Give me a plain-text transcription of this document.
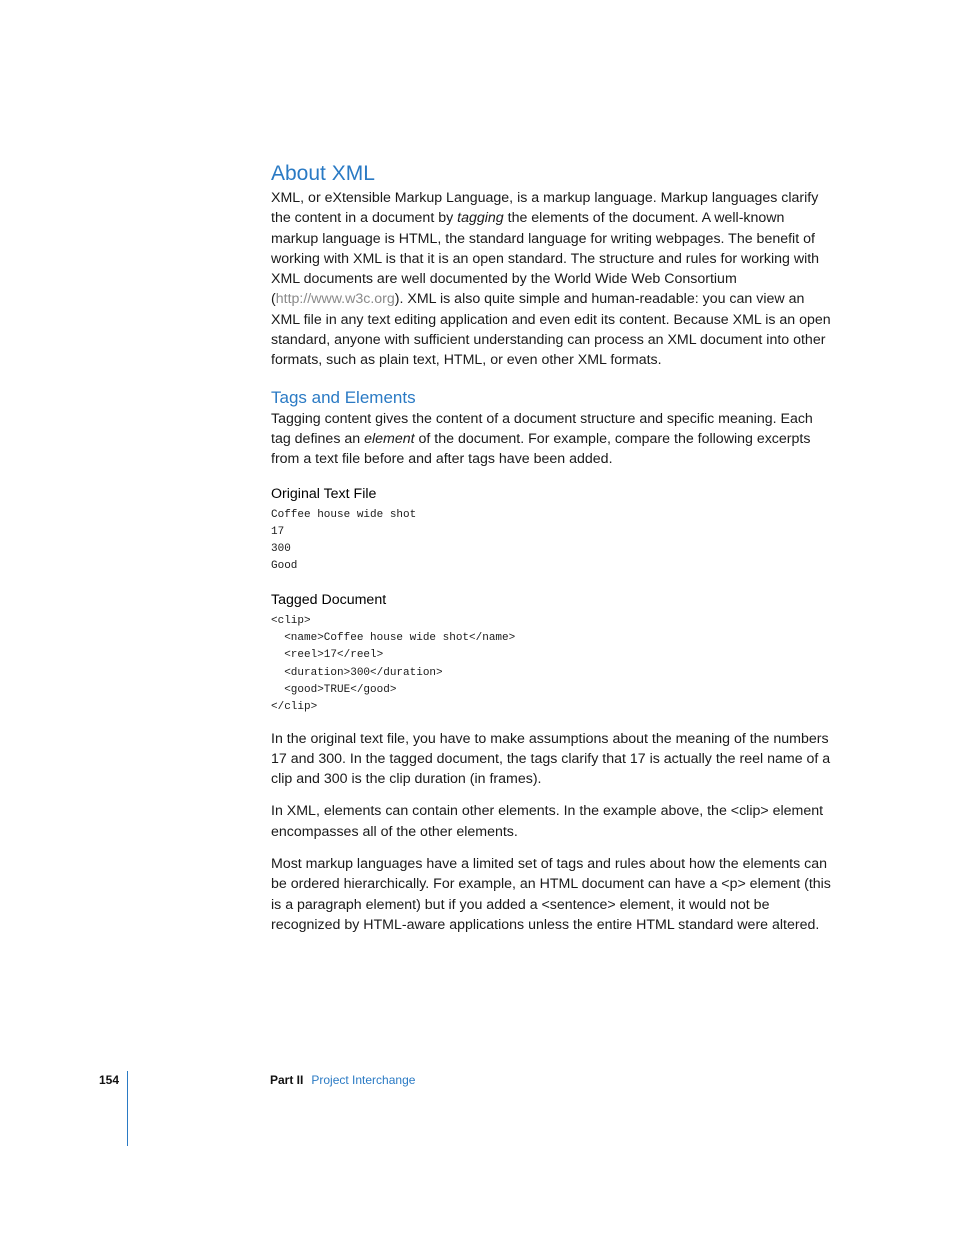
About XML

XML, or eXtensible Markup Language, is a markup language. Markup languages clarify the content in a document by tagging the elements of the document. A well-known markup language is HTML, the standard language for writing webpages. The benefit of working with XML is that it is an open standard. The structure and rules for working with XML documents are well documented by the World Wide Web Consortium (http://www.w3c.org). XML is also quite simple and human-readable: you can view an XML file in any text editing application and even edit its content. Because XML is an open standard, anyone with sufficient understanding can process an XML document into other formats, such as plain text, HTML, or even other XML formats.

Tags and Elements

Tagging content gives the content of a document structure and specific meaning. Each tag defines an element of the document. For example, compare the following excerpts from a text file before and after tags have been added.

Original Text File
Coffee house wide shot
17
300
Good
Tagged Document
<clip>
<name>Coffee house wide shot</name>
<reel>17</reel>
<duration>300</duration>
<good>TRUE</good>
</clip>

In the original text file, you have to make assumptions about the meaning of the numbers 17 and 300. In the tagged document, the tags clarify that 17 is actually the reel name of a clip and 300 is the clip duration (in frames).

In XML, elements can contain other elements. In the example above, the <clip> element encompasses all of the other elements.

Most markup languages have a limited set of tags and rules about how the elements can be ordered hierarchically. For example, an HTML document can have a <p> element (this is a paragraph element) but if you added a <sentence> element, it would not be recognized by HTML-aware applications unless the entire HTML standard were altered.

154	Part II Project Interchange
